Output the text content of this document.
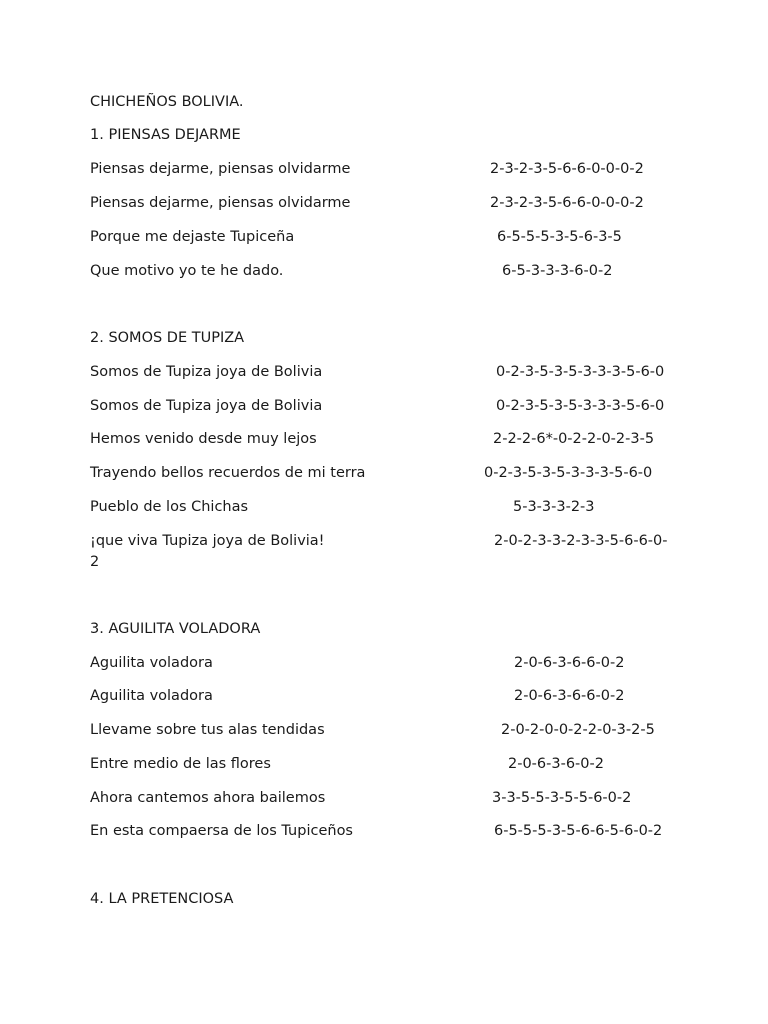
CHICHEÑOS BOLIVIA.
1. PIENSAS DEJARME
Piensas dejarme, piensas olvidarme	2-3-2-3-5-6-6-0-0-0-2
Piensas dejarme, piensas olvidarme	2-3-2-3-5-6-6-0-0-0-2
Porque me dejaste Tupiceña	6-5-5-5-3-5-6-3-5
Que motivo yo te he dado.	6-5-3-3-3-6-0-2
2. SOMOS DE TUPIZA
Somos de Tupiza joya de Bolivia	0-2-3-5-3-5-3-3-3-5-6-0
Somos de Tupiza joya de Bolivia	0-2-3-5-3-5-3-3-3-5-6-0
Hemos venido desde muy lejos	2-2-2-6*-0-2-2-0-2-3-5
Trayendo bellos recuerdos de mi terra	0-2-3-5-3-5-3-3-3-5-6-0
Pueblo de los Chichas	5-3-3-3-2-3
¡que viva Tupiza joya de Bolivia!	2-0-2-3-3-2-3-3-5-6-6-0-
2
3. AGUILITA VOLADORA
Aguilita voladora	2-0-6-3-6-6-0-2
Aguilita voladora	2-0-6-3-6-6-0-2
Llevame sobre tus alas tendidas	2-0-2-0-0-2-2-0-3-2-5
Entre medio de las flores	2-0-6-3-6-0-2
Ahora cantemos ahora bailemos	3-3-5-5-3-5-5-6-0-2
En esta compaersa de los Tupiceños	6-5-5-5-3-5-6-6-5-6-0-2
4. LA PRETENCIOSA
